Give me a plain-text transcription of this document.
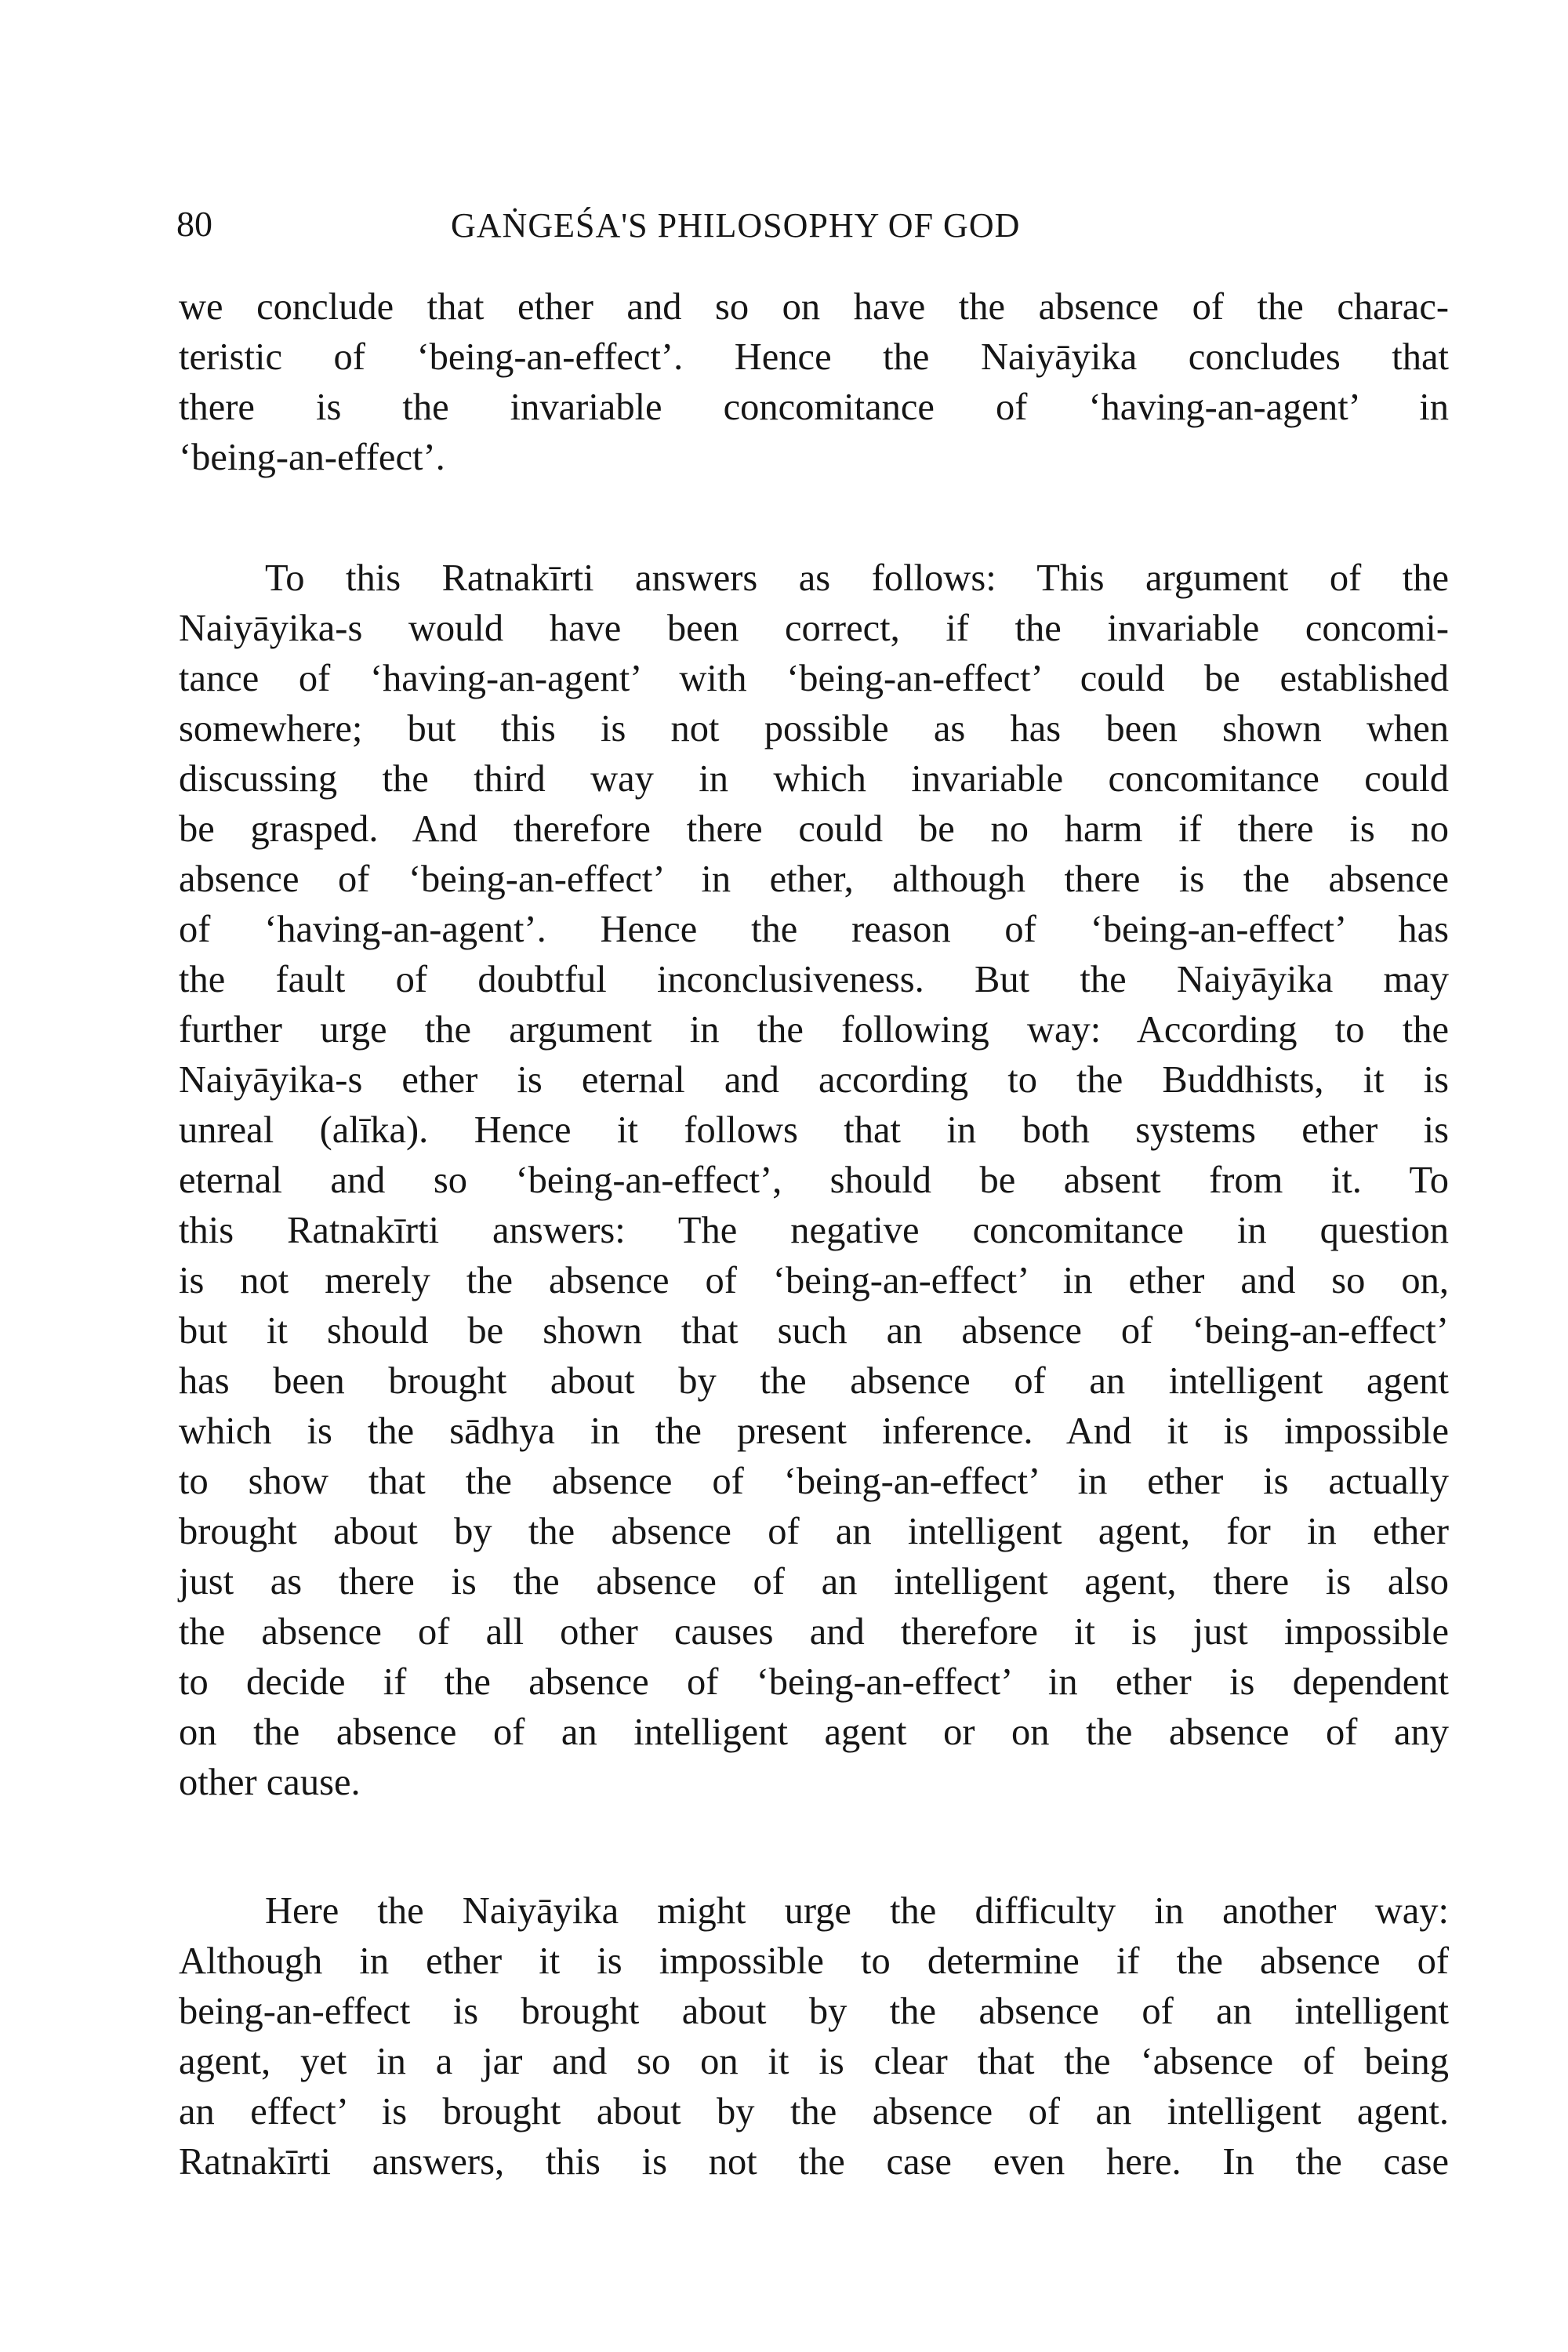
80	GAṄGEŚA'S PHILOSOPHY OF GOD

we conclude that ether and so on have the absence of the charac-
teristic of ‘being-an-effect’. Hence the Naiyāyika concludes that
there is the invariable concomitance of ‘having-an-agent’ in
‘being-an-effect’.

To this Ratnakīrti answers as follows: This argument of the
Naiyāyika-s would have been correct, if the invariable concomi-
tance of ‘having-an-agent’ with ‘being-an-effect’ could be established
somewhere; but this is not possible as has been shown when
discussing the third way in which invariable concomitance could
be grasped. And therefore there could be no harm if there is no
absence of ‘being-an-effect’ in ether, although there is the absence
of ‘having-an-agent’. Hence the reason of ‘being-an-effect’ has
the fault of doubtful inconclusiveness. But the Naiyāyika may
further urge the argument in the following way: According to the
Naiyāyika-s ether is eternal and according to the Buddhists, it is
unreal (alīka). Hence it follows that in both systems ether is
eternal and so ‘being-an-effect’, should be absent from it. To
this Ratnakīrti answers: The negative concomitance in question
is not merely the absence of ‘being-an-effect’ in ether and so on,
but it should be shown that such an absence of ‘being-an-effect’
has been brought about by the absence of an intelligent agent
which is the sādhya in the present inference. And it is impossible
to show that the absence of ‘being-an-effect’ in ether is actually
brought about by the absence of an intelligent agent, for in ether
just as there is the absence of an intelligent agent, there is also
the absence of all other causes and therefore it is just impossible
to decide if the absence of ‘being-an-effect’ in ether is dependent
on the absence of an intelligent agent or on the absence of any
other cause.

Here the Naiyāyika might urge the difficulty in another way:
Although in ether it is impossible to determine if the absence of
being-an-effect is brought about by the absence of an intelligent
agent, yet in a jar and so on it is clear that the ‘absence of being
an effect’ is brought about by the absence of an intelligent agent.
Ratnakīrti answers, this is not the case even here. In the case
